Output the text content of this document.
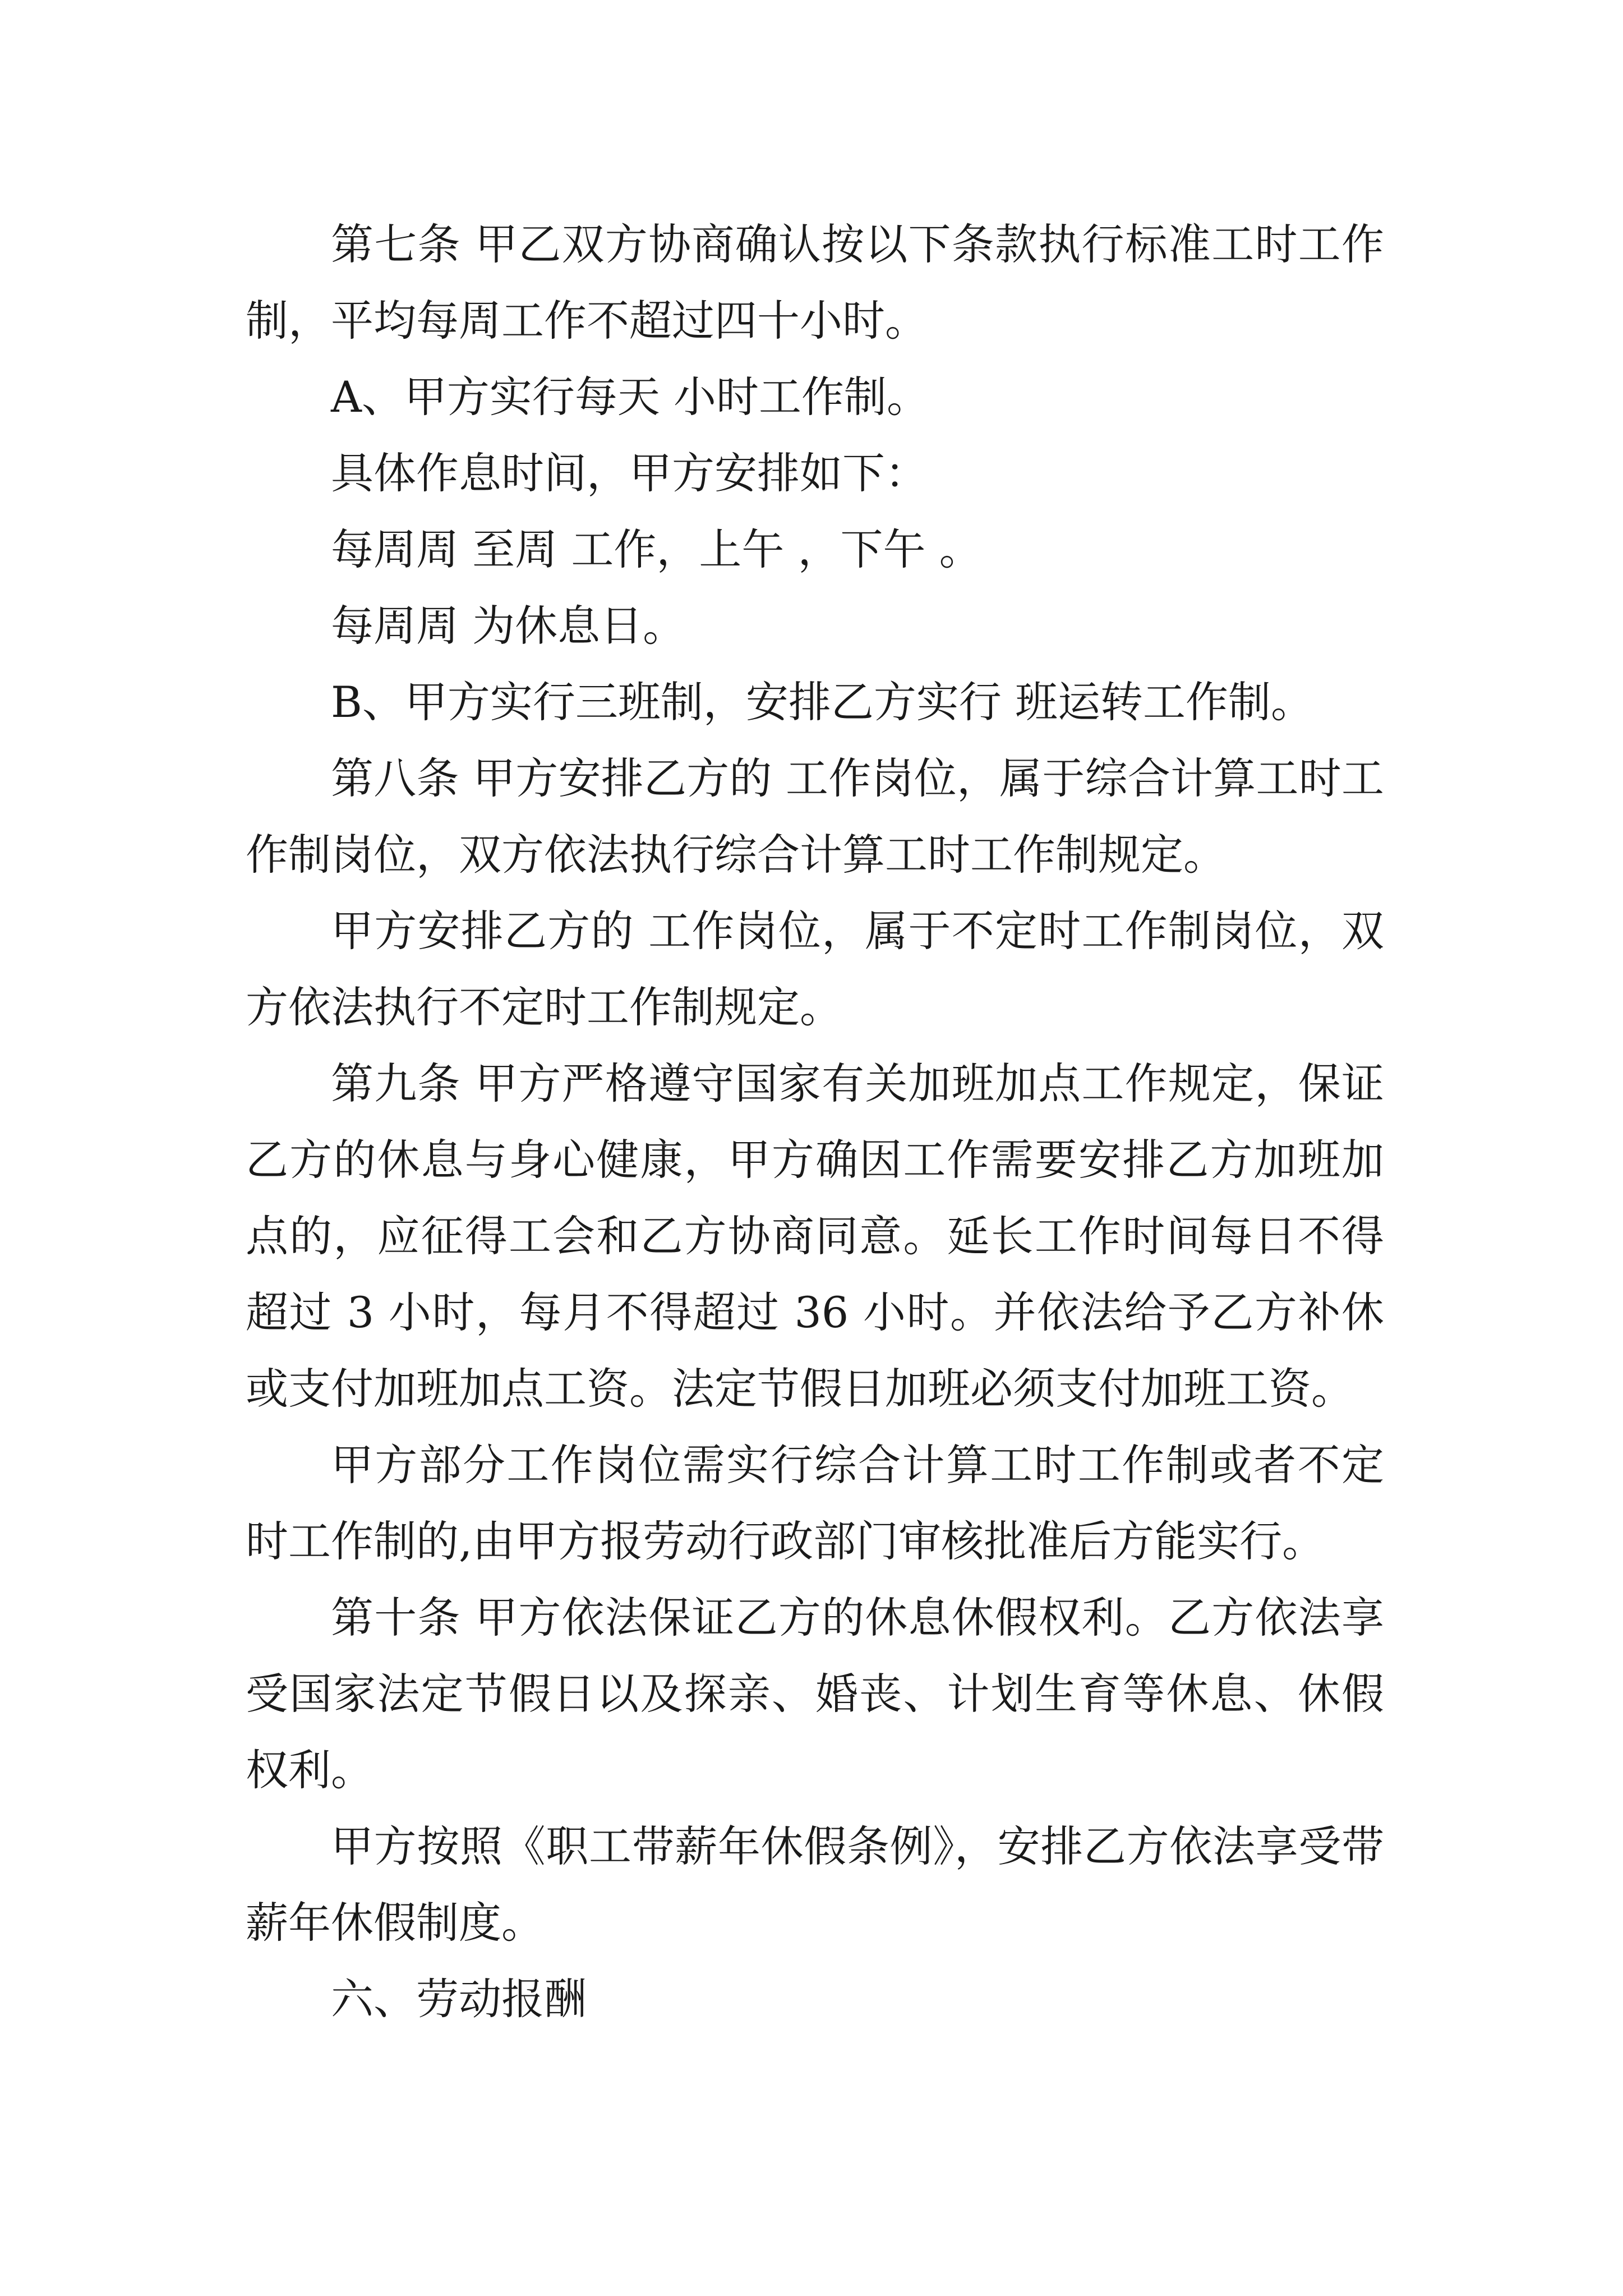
第七条 甲乙双方协商确认按以下条款执行标准工时工作制，平均每周工作不超过四十小时。

A、甲方实行每天 小时工作制。

具体作息时间，甲方安排如下：

每周周 至周 工作，上午 ，下午 。

每周周 为休息日。

B、甲方实行三班制，安排乙方实行 班运转工作制。

第八条 甲方安排乙方的 工作岗位，属于综合计算工时工作制岗位，双方依法执行综合计算工时工作制规定。

甲方安排乙方的 工作岗位，属于不定时工作制岗位，双方依法执行不定时工作制规定。

第九条 甲方严格遵守国家有关加班加点工作规定，保证乙方的休息与身心健康，甲方确因工作需要安排乙方加班加点的，应征得工会和乙方协商同意。延长工作时间每日不得超过 3 小时，每月不得超过 36 小时。并依法给予乙方补休或支付加班加点工资。法定节假日加班必须支付加班工资。

甲方部分工作岗位需实行综合计算工时工作制或者不定时工作制的,由甲方报劳动行政部门审核批准后方能实行。

第十条 甲方依法保证乙方的休息休假权利。乙方依法享受国家法定节假日以及探亲、婚丧、计划生育等休息、休假权利。

甲方按照《职工带薪年休假条例》，安排乙方依法享受带薪年休假制度。

六、劳动报酬
